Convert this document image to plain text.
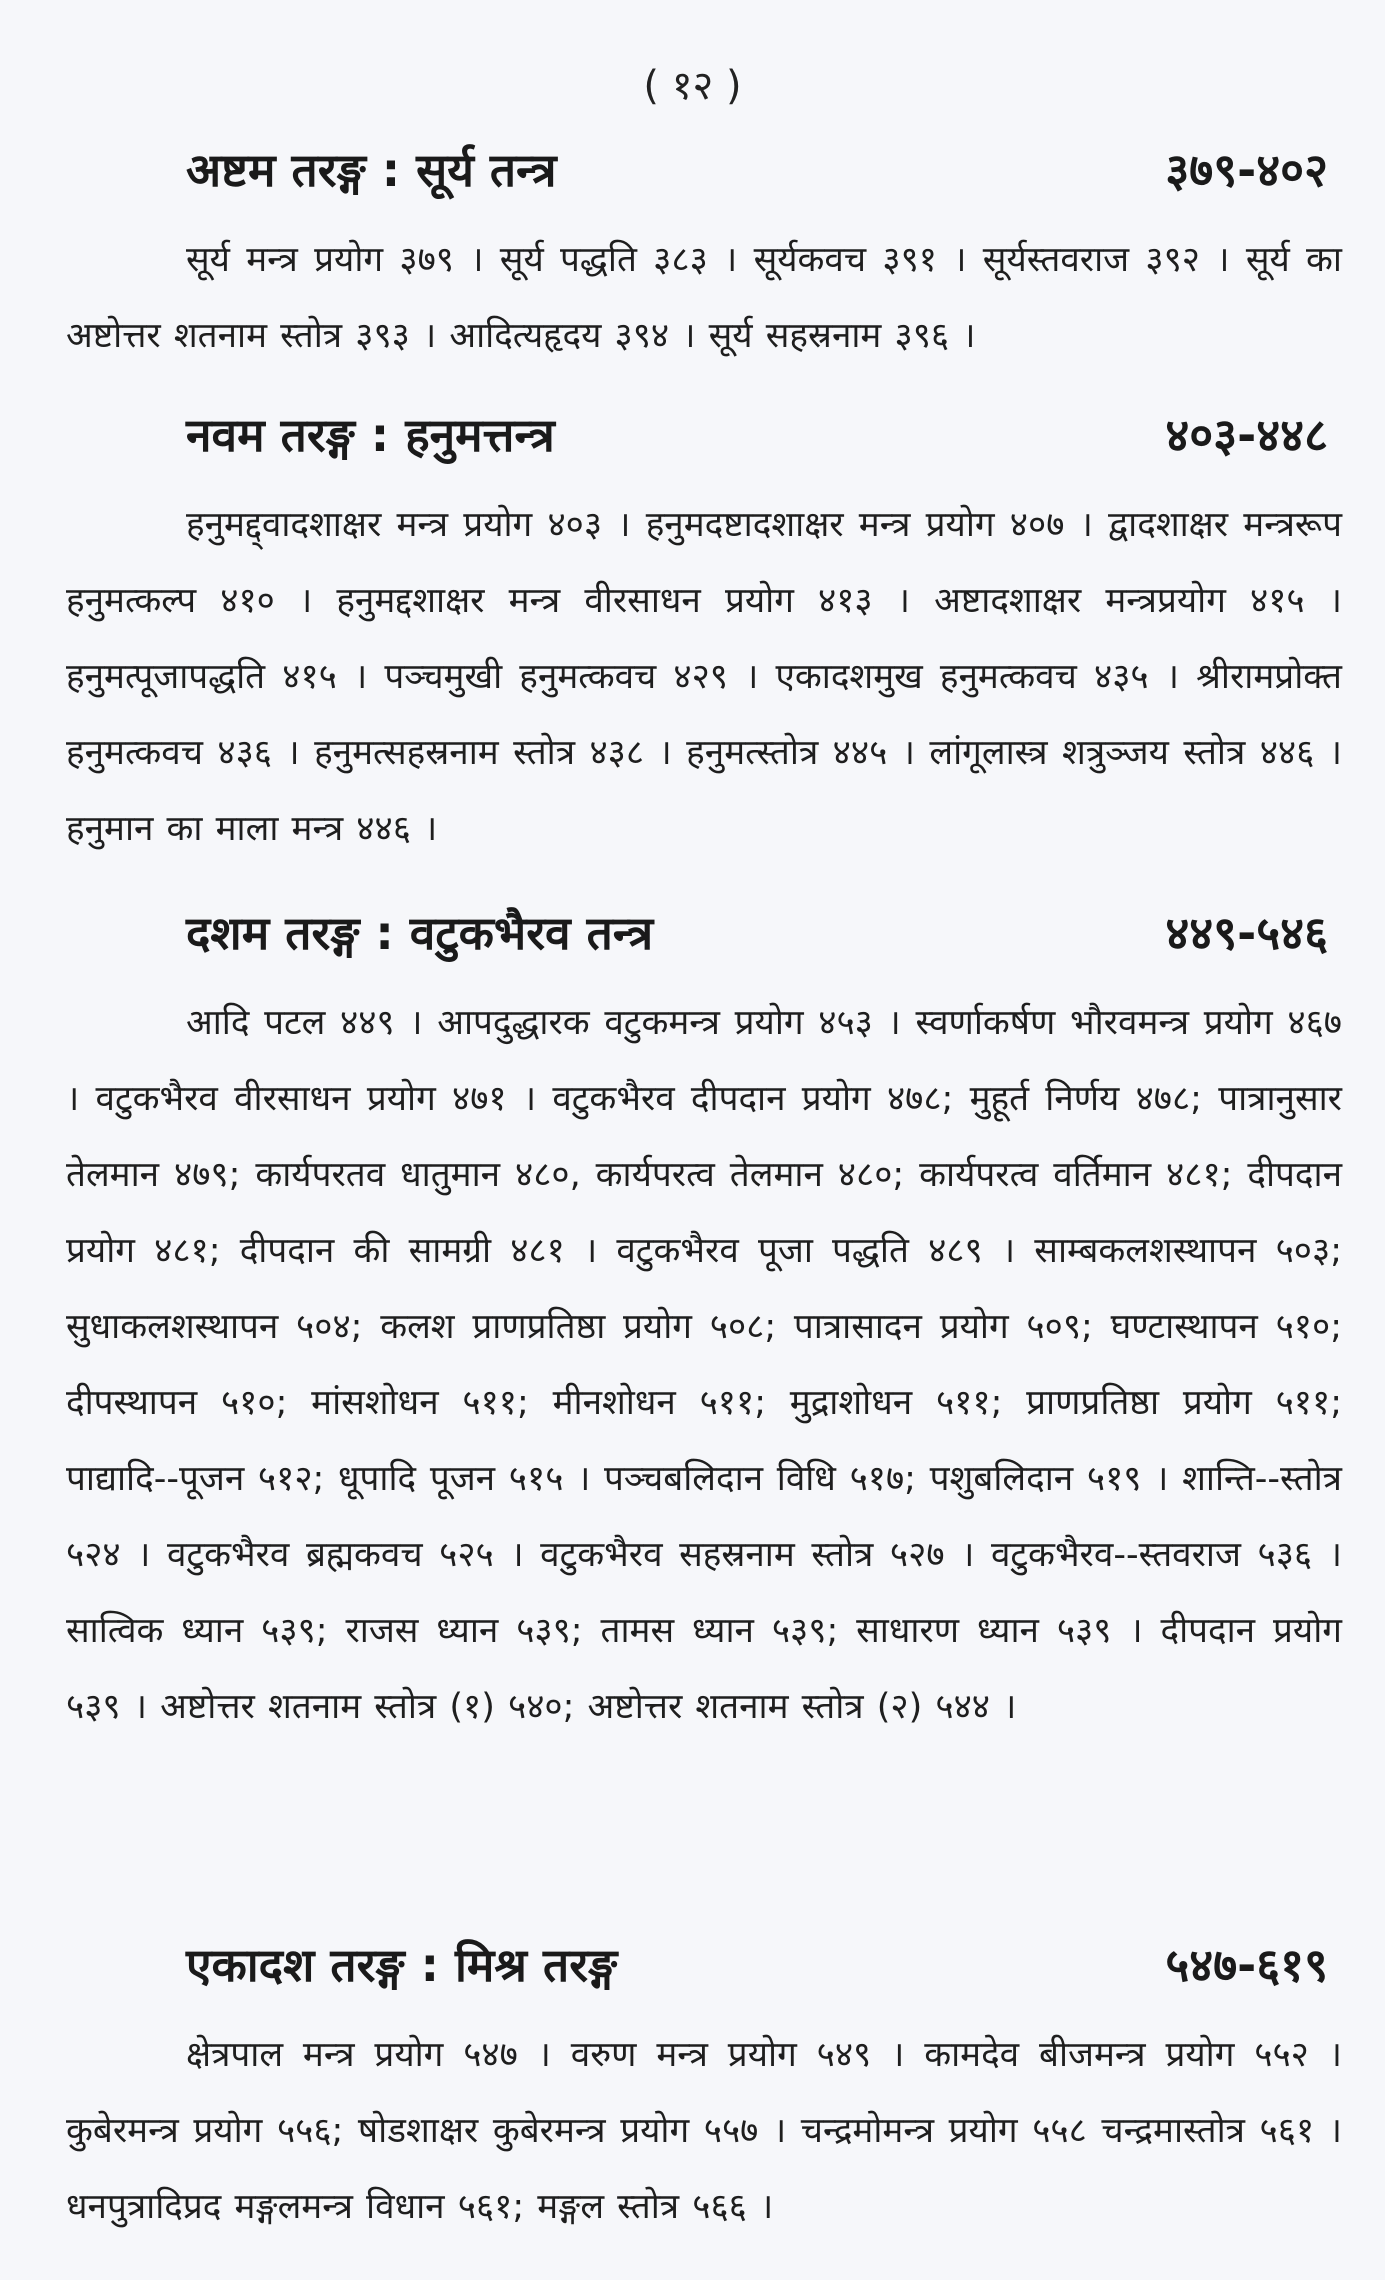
( १२ )
अष्टम तरङ्ग : सूर्य तन्त्र	३७९-४०२

सूर्य मन्त्र प्रयोग ३७९ । सूर्य पद्धति ३८३ । सूर्यकवच ३९१ । सूर्यस्तवराज ३९२ । सूर्य का अष्टोत्तर शतनाम स्तोत्र ३९३ । आदित्यहृदय ३९४ । सूर्य सहस्रनाम ३९६ ।

नवम तरङ्ग : हनुमत्तन्त्र	४०३-४४८

हनुमद्द्वादशाक्षर मन्त्र प्रयोग ४०३ । हनुमदष्टादशाक्षर मन्त्र प्रयोग ४०७ । द्वादशाक्षर मन्त्ररूप हनुमत्कल्प ४१० । हनुमद्दशाक्षर मन्त्र वीरसाधन प्रयोग ४१३ । अष्टादशाक्षर मन्त्रप्रयोग ४१५ । हनुमत्पूजापद्धति ४१५ । पञ्चमुखी हनुमत्कवच ४२९ । एकादशमुख हनुमत्कवच ४३५ । श्रीरामप्रोक्त हनुमत्कवच ४३६ । हनुमत्सहस्रनाम स्तोत्र ४३८ । हनुमत्स्तोत्र ४४५ । लांगूलास्त्र शत्रुञ्जय स्तोत्र ४४६ । हनुमान का माला मन्त्र ४४६ ।

दशम तरङ्ग : वटुकभैरव तन्त्र	४४९-५४६

आदि पटल ४४९ । आपदुद्धारक वटुकमन्त्र प्रयोग ४५३ । स्वर्णाकर्षण भौरवमन्त्र प्रयोग ४६७ । वटुकभैरव वीरसाधन प्रयोग ४७१ । वटुकभैरव दीपदान प्रयोग ४७८; मुहूर्त निर्णय ४७८; पात्रानुसार तेलमान ४७९; कार्यपरतव धातुमान ४८०, कार्यपरत्व तेलमान ४८०; कार्यपरत्व वर्तिमान ४८१; दीपदान प्रयोग ४८१; दीपदान की सामग्री ४८१ । वटुकभैरव पूजा पद्धति ४८९ । साम्बकलशस्थापन ५०३; सुधाकलशस्थापन ५०४; कलश प्राणप्रतिष्ठा प्रयोग ५०८; पात्रासादन प्रयोग ५०९; घण्टास्थापन ५१०; दीपस्थापन ५१०; मांसशोधन ५११; मीनशोधन ५११; मुद्राशोधन ५११; प्राणप्रतिष्ठा प्रयोग ५११; पाद्यादि--पूजन ५१२; धूपादि पूजन ५१५ । पञ्चबलिदान विधि ५१७; पशुबलिदान ५१९ । शान्ति--स्तोत्र ५२४ । वटुकभैरव ब्रह्मकवच ५२५ । वटुकभैरव सहस्रनाम स्तोत्र ५२७ । वटुकभैरव--स्तवराज ५३६ । सात्विक ध्यान ५३९; राजस ध्यान ५३९; तामस ध्यान ५३९; साधारण ध्यान ५३९ । दीपदान प्रयोग ५३९ । अष्टोत्तर शतनाम स्तोत्र (१) ५४०; अष्टोत्तर शतनाम स्तोत्र (२) ५४४ ।

एकादश तरङ्ग : मिश्र तरङ्ग	५४७-६१९

क्षेत्रपाल मन्त्र प्रयोग ५४७ । वरुण मन्त्र प्रयोग ५४९ । कामदेव बीजमन्त्र प्रयोग ५५२ । कुबेरमन्त्र प्रयोग ५५६; षोडशाक्षर कुबेरमन्त्र प्रयोग ५५७ । चन्द्रमोमन्त्र प्रयोग ५५८ चन्द्रमास्तोत्र ५६१ । धनपुत्रादिप्रद मङ्गलमन्त्र विधान ५६१; मङ्गल स्तोत्र ५६६ ।
